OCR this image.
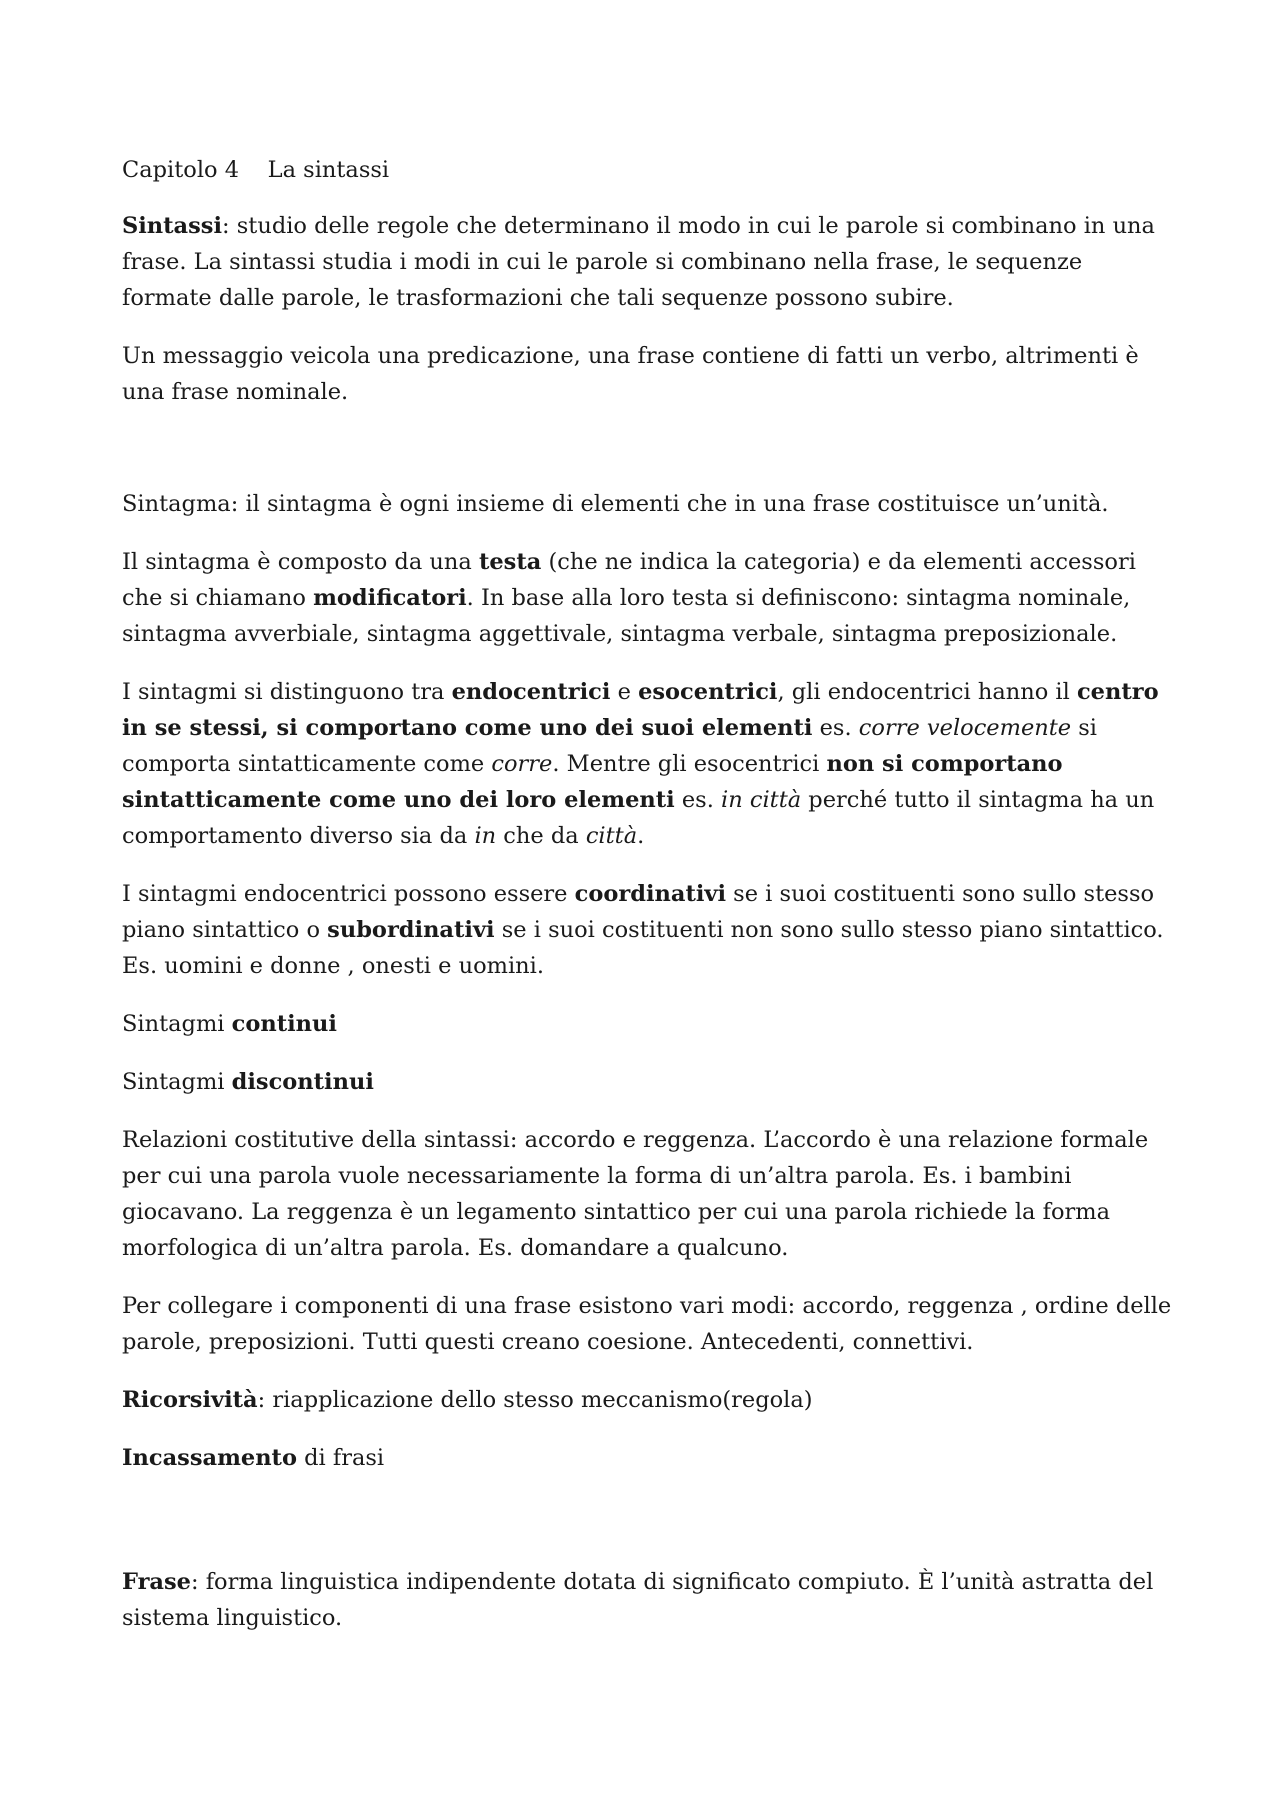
Capitolo 4 La sintassi

Sintassi: studio delle regole che determinano il modo in cui le parole si combinano in una frase. La sintassi studia i modi in cui le parole si combinano nella frase, le sequenze formate dalle parole, le trasformazioni che tali sequenze possono subire.

Un messaggio veicola una predicazione, una frase contiene di fatti un verbo, altrimenti è una frase nominale.

Sintagma: il sintagma è ogni insieme di elementi che in una frase costituisce un’unità.

Il sintagma è composto da una testa (che ne indica la categoria) e da elementi accessori che si chiamano modificatori. In base alla loro testa si definiscono: sintagma nominale, sintagma avverbiale, sintagma aggettivale, sintagma verbale, sintagma preposizionale.

I sintagmi si distinguono tra endocentrici e esocentrici, gli endocentrici hanno il centro in se stessi, si comportano come uno dei suoi elementi es. corre velocemente si comporta sintatticamente come corre. Mentre gli esocentrici non si comportano sintatticamente come uno dei loro elementi es. in città perché tutto il sintagma ha un comportamento diverso sia da in che da città.

I sintagmi endocentrici possono essere coordinativi se i suoi costituenti sono sullo stesso piano sintattico o subordinativi se i suoi costituenti non sono sullo stesso piano sintattico. Es. uomini e donne , onesti e uomini.

Sintagmi continui

Sintagmi discontinui

Relazioni costitutive della sintassi: accordo e reggenza. L’accordo è una relazione formale per cui una parola vuole necessariamente la forma di un’altra parola. Es. i bambini giocavano. La reggenza è un legamento sintattico per cui una parola richiede la forma morfologica di un’altra parola. Es. domandare a qualcuno.

Per collegare i componenti di una frase esistono vari modi: accordo, reggenza , ordine delle parole, preposizioni. Tutti questi creano coesione. Antecedenti, connettivi.

Ricorsività: riapplicazione dello stesso meccanismo(regola)

Incassamento di frasi

Frase: forma linguistica indipendente dotata di significato compiuto. È l’unità astratta del sistema linguistico.
